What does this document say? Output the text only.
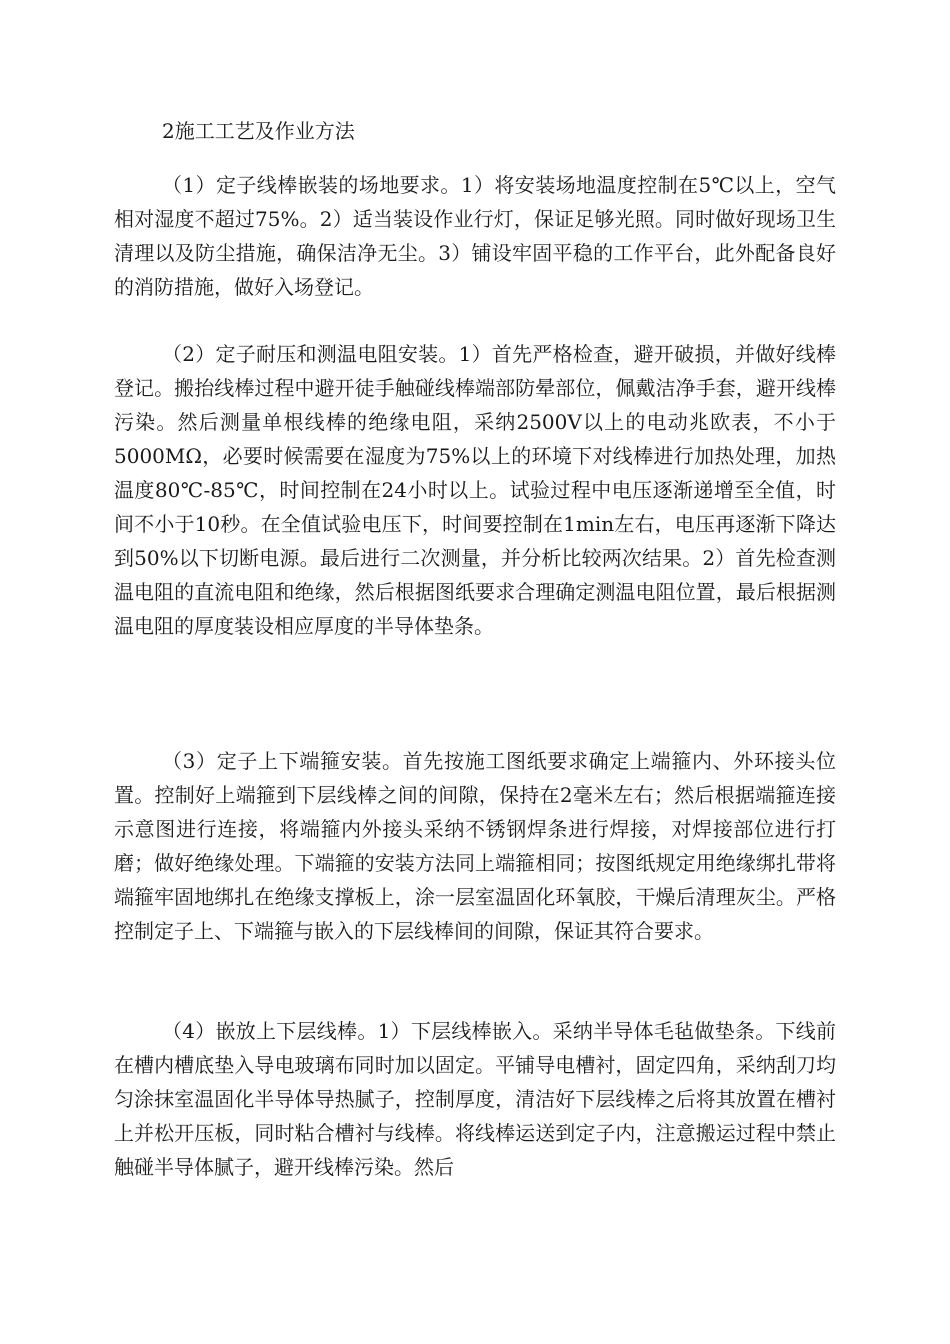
2施工工艺及作业方法

（1）定子线棒嵌装的场地要求。1）将安装场地温度控制在5℃以上，空气相对湿度不超过75%。2）适当装设作业行灯，保证足够光照。同时做好现场卫生清理以及防尘措施，确保洁净无尘。3）铺设牢固平稳的工作平台，此外配备良好的消防措施，做好入场登记。

（2）定子耐压和测温电阻安装。1）首先严格检查，避开破损，并做好线棒登记。搬抬线棒过程中避开徒手触碰线棒端部防晕部位，佩戴洁净手套，避开线棒污染。然后测量单根线棒的绝缘电阻，采纳2500V以上的电动兆欧表，不小于5000MΩ，必要时候需要在湿度为75%以上的环境下对线棒进行加热处理，加热温度80℃-85℃，时间控制在24小时以上。试验过程中电压逐渐递增至全值，时间不小于10秒。在全值试验电压下，时间要控制在1min左右，电压再逐渐下降达到50%以下切断电源。最后进行二次测量，并分析比较两次结果。2）首先检查测温电阻的直流电阻和绝缘，然后根据图纸要求合理确定测温电阻位置，最后根据测温电阻的厚度装设相应厚度的半导体垫条。

（3）定子上下端箍安装。首先按施工图纸要求确定上端箍内、外环接头位置。控制好上端箍到下层线棒之间的间隙，保持在2毫米左右；然后根据端箍连接示意图进行连接，将端箍内外接头采纳不锈钢焊条进行焊接，对焊接部位进行打磨；做好绝缘处理。下端箍的安装方法同上端箍相同；按图纸规定用绝缘绑扎带将端箍牢固地绑扎在绝缘支撑板上，涂一层室温固化环氧胶，干燥后清理灰尘。严格控制定子上、下端箍与嵌入的下层线棒间的间隙，保证其符合要求。

（4）嵌放上下层线棒。1）下层线棒嵌入。采纳半导体毛毡做垫条。下线前在槽内槽底垫入导电玻璃布同时加以固定。平铺导电槽衬，固定四角，采纳刮刀均匀涂抹室温固化半导体导热腻子，控制厚度，清洁好下层线棒之后将其放置在槽衬上并松开压板，同时粘合槽衬与线棒。将线棒运送到定子内，注意搬运过程中禁止触碰半导体腻子，避开线棒污染。然后
